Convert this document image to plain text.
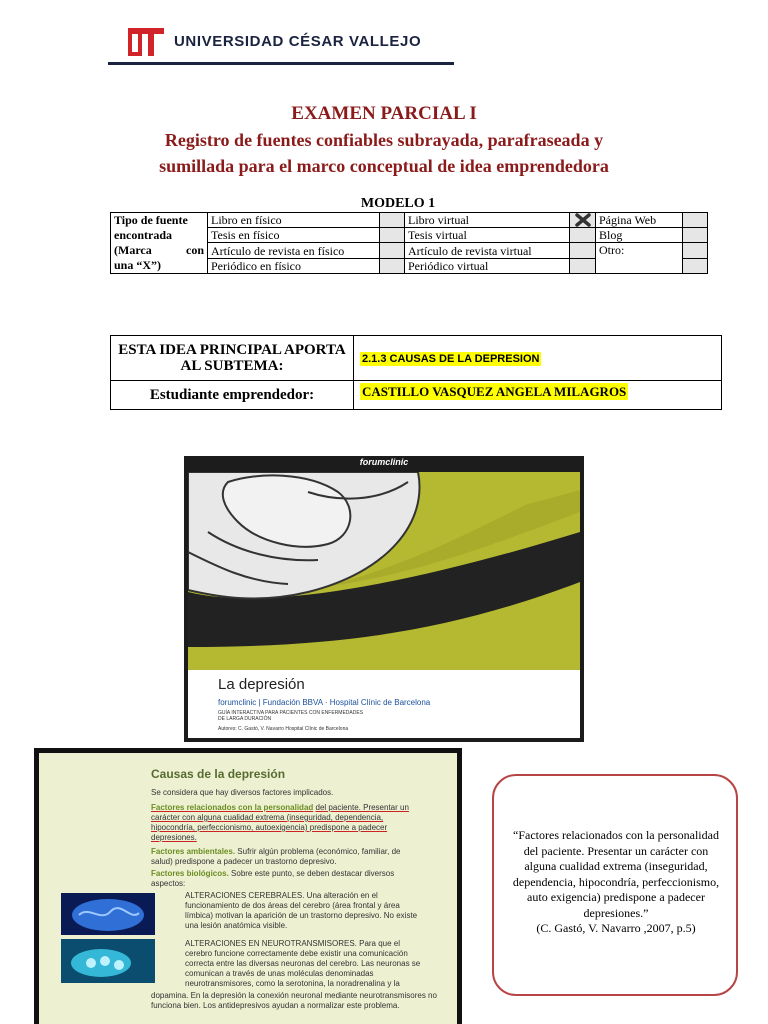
UNIVERSIDAD CÉSAR VALLEJO
EXAMEN PARCIAL I
Registro de fuentes confiables subrayada, parafraseada y
sumillada para el marco conceptual de idea emprendedora
MODELO 1
Tipo de fuente
encontrada
(Marca con
una “X”)	Libro en físico		Libro virtual		Página Web	
	Tesis en físico		Tesis virtual		Blog	
	Artículo de revista en físico		Artículo de revista virtual		Otro:	
	Periódico en físico		Periódico virtual			
ESTA IDEA PRINCIPAL APORTA AL SUBTEMA:	2.1.3 CAUSAS DE LA DEPRESION
Estudiante emprendedor:	CASTILLO VASQUEZ ANGELA MILAGROS
forumclinic
La depresión
forumclinic | Fundación BBVA · Hospital Clínic de Barcelona
GUÍA INTERACTIVA PARA PACIENTES CON ENFERMEDADES DE LARGA DURACIÓN
Autores: C. Gastó, V. Navarro Hospital Clínic de Barcelona
Causas de la depresión
Se considera que hay diversos factores implicados.
Factores relacionados con la personalidad del paciente. Presentar un carácter con alguna cualidad extrema (inseguridad, dependencia, hipocondría, perfeccionismo, autoexigencia) predispone a padecer depresiones.
Factores ambientales. Sufrir algún problema (económico, familiar, de salud) predispone a padecer un trastorno depresivo.
Factores biológicos. Sobre este punto, se deben destacar diversos aspectos:
ALTERACIONES CEREBRALES. Una alteración en el funcionamiento de dos áreas del cerebro (área frontal y área límbica) motivan la aparición de un trastorno depresivo. No existe una lesión anatómica visible.
ALTERACIONES EN NEUROTRANSMISORES. Para que el cerebro funcione correctamente debe existir una comunicación correcta entre las diversas neuronas del cerebro. Las neuronas se comunican a través de unas moléculas denominadas neurotransmisores, como la serotonina, la noradrenalina y la
dopamina. En la depresión la conexión neuronal mediante neurotransmisores no funciona bien. Los antidepresivos ayudan a normalizar este problema.
“Factores relacionados con la personalidad del paciente. Presentar un carácter con alguna cualidad extrema (inseguridad, dependencia, hipocondría, perfeccionismo, auto exigencia) predispone a padecer depresiones.”
(C. Gastó, V. Navarro ,2007, p.5)
